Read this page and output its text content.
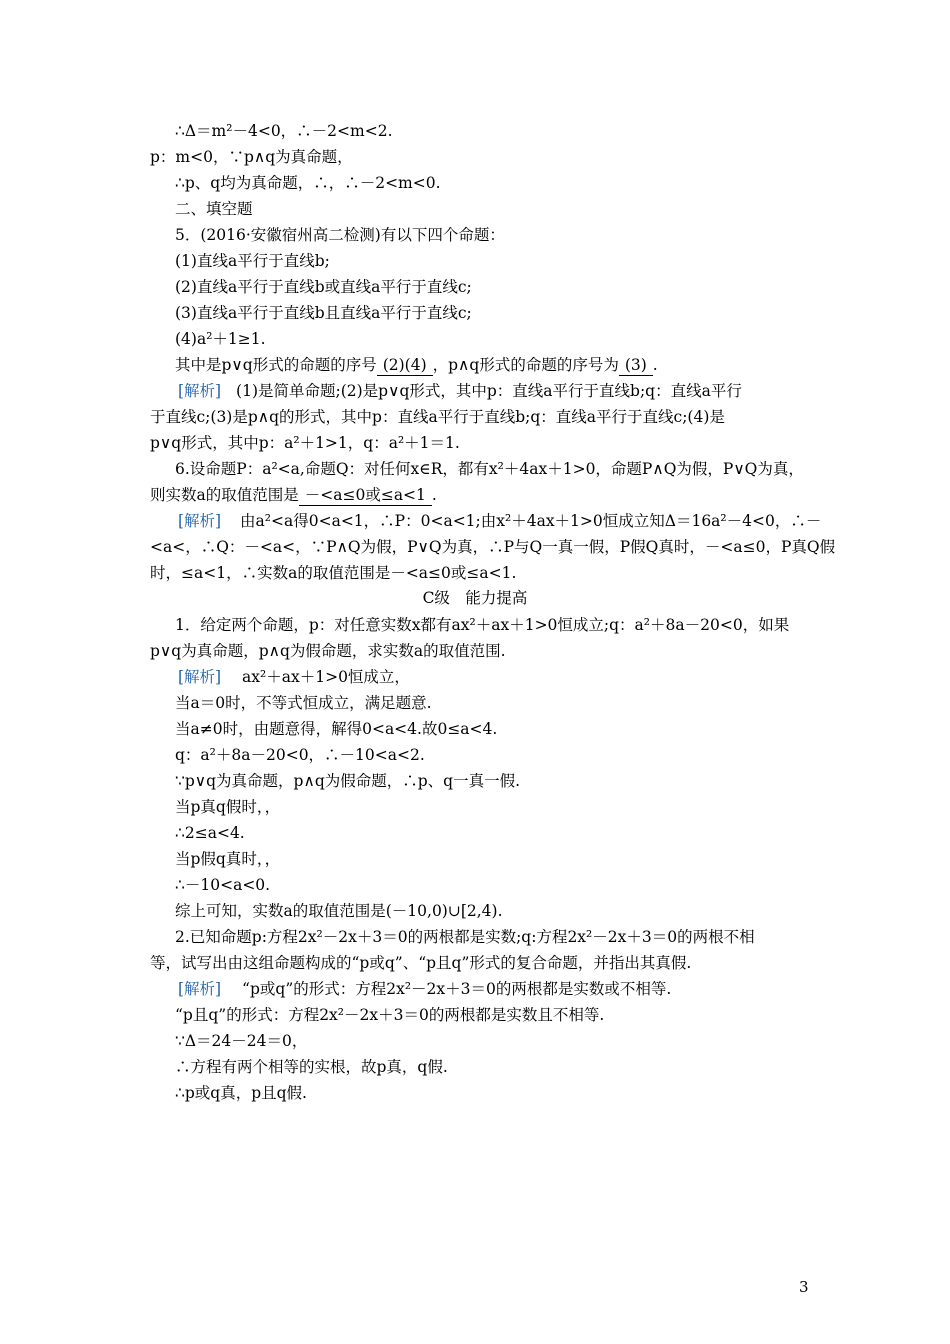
∴Δ＝m²－4<0，∴－2<m<2.
p：m<0，∵p∧q为真命题，
∴p、q均为真命题，∴，∴－2<m<0.
二、填空题
5．(2016·安徽宿州高二检测)有以下四个命题：
(1)直线a平行于直线b;
(2)直线a平行于直线b或直线a平行于直线c;
(3)直线a平行于直线b且直线a平行于直线c;
(4)a²＋1≥1.
其中是p∨q形式的命题的序号 (2)(4) ，p∧q形式的命题的序号为 (3) .
[解析] (1)是简单命题;(2)是p∨q形式，其中p：直线a平行于直线b;q：直线a平行
于直线c;(3)是p∧q的形式，其中p：直线a平行于直线b;q：直线a平行于直线c;(4)是
p∨q形式，其中p：a²＋1>1，q：a²＋1＝1.
6.设命题P：a²<a,命题Q：对任何x∈R，都有x²＋4ax＋1>0，命题P∧Q为假，P∨Q为真，
则实数a的取值范围是 －<a≤0或≤a<1 .
[解析] 由a²<a得0<a<1，∴P：0<a<1;由x²＋4ax＋1>0恒成立知Δ＝16a²－4<0，∴－
<a<，∴Q：－<a<，∵P∧Q为假，P∨Q为真，∴P与Q一真一假，P假Q真时，－<a≤0，P真Q假
时，≤a<1，∴实数a的取值范围是－<a≤0或≤a<1.
C级　能力提高
1．给定两个命题，p：对任意实数x都有ax²＋ax＋1>0恒成立;q：a²＋8a－20<0，如果
p∨q为真命题，p∧q为假命题，求实数a的取值范围.
[解析] ax²＋ax＋1>0恒成立，
当a＝0时，不等式恒成立，满足题意.
当a≠0时，由题意得，解得0<a<4.故0≤a<4.
q：a²＋8a－20<0，∴－10<a<2.
∵p∨q为真命题，p∧q为假命题，∴p、q一真一假.
当p真q假时，，
∴2≤a<4.
当p假q真时，，
∴－10<a<0.
综上可知，实数a的取值范围是(－10,0)∪[2,4).
2.已知命题p:方程2x²－2x＋3＝0的两根都是实数;q:方程2x²－2x＋3＝0的两根不相
等，试写出由这组命题构成的“p或q”、“p且q”形式的复合命题，并指出其真假.
[解析] “p或q”的形式：方程2x²－2x＋3＝0的两根都是实数或不相等.
“p且q”的形式：方程2x²－2x＋3＝0的两根都是实数且不相等.
∵Δ＝24－24＝0，
∴方程有两个相等的实根，故p真，q假.
∴p或q真，p且q假.
3
